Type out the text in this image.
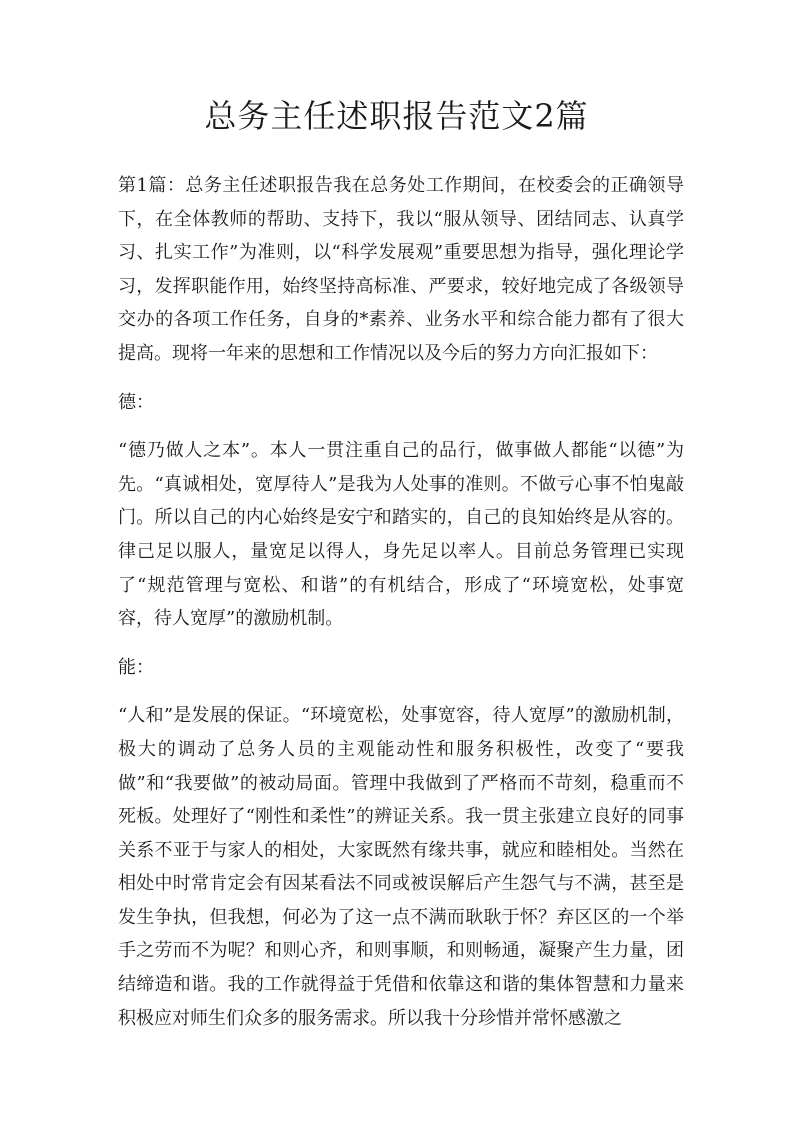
总务主任述职报告范文2篇

第1篇：总务主任述职报告我在总务处工作期间，在校委会的正确领导下，在全体教师的帮助、支持下，我以“服从领导、团结同志、认真学习、扎实工作”为准则，以“科学发展观”重要思想为指导，强化理论学习，发挥职能作用，始终坚持高标准、严要求，较好地完成了各级领导交办的各项工作任务，自身的*素养、业务水平和综合能力都有了很大提高。现将一年来的思想和工作情况以及今后的努力方向汇报如下：

德：

“德乃做人之本”。本人一贯注重自己的品行，做事做人都能“以德”为先。“真诚相处，宽厚待人”是我为人处事的准则。不做亏心事不怕鬼敲门。所以自己的内心始终是安宁和踏实的，自己的良知始终是从容的。律己足以服人，量宽足以得人，身先足以率人。目前总务管理已实现了“规范管理与宽松、和谐”的有机结合，形成了“环境宽松，处事宽容，待人宽厚”的激励机制。

能：

“人和”是发展的保证。“环境宽松，处事宽容，待人宽厚”的激励机制，极大的调动了总务人员的主观能动性和服务积极性，改变了“要我做”和“我要做”的被动局面。管理中我做到了严格而不苛刻，稳重而不死板。处理好了“刚性和柔性”的辨证关系。我一贯主张建立良好的同事关系不亚于与家人的相处，大家既然有缘共事，就应和睦相处。当然在相处中时常肯定会有因某看法不同或被误解后产生怨气与不满，甚至是发生争执，但我想，何必为了这一点不满而耿耿于怀？弃区区的一个举手之劳而不为呢？和则心齐，和则事顺，和则畅通，凝聚产生力量，团结缔造和谐。我的工作就得益于凭借和依靠这和谐的集体智慧和力量来积极应对师生们众多的服务需求。所以我十分珍惜并常怀感激之
